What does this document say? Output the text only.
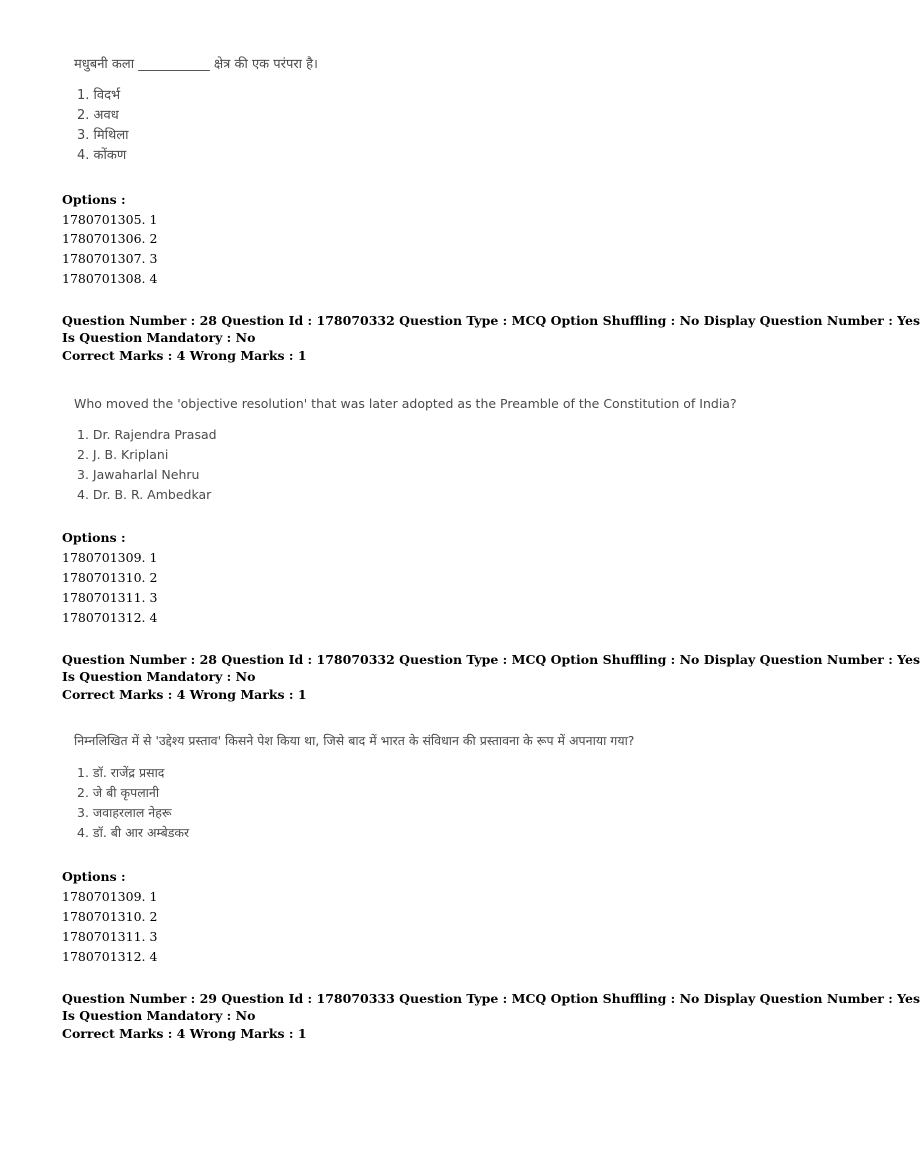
मधुबनी कला ___________ क्षेत्र की एक परंपरा है।
1. विदर्भ
2. अवध
3. मिथिला
4. कोंकण
Options :
1780701305. 1
1780701306. 2
1780701307. 3
1780701308. 4
Question Number : 28 Question Id : 178070332 Question Type : MCQ Option Shuffling : No Display Question Number : Yes
Is Question Mandatory : No
Correct Marks : 4 Wrong Marks : 1
Who moved the 'objective resolution' that was later adopted as the Preamble of the Constitution of India?
1. Dr. Rajendra Prasad
2. J. B. Kriplani
3. Jawaharlal Nehru
4. Dr. B. R. Ambedkar
Options :
1780701309. 1
1780701310. 2
1780701311. 3
1780701312. 4
Question Number : 28 Question Id : 178070332 Question Type : MCQ Option Shuffling : No Display Question Number : Yes
Is Question Mandatory : No
Correct Marks : 4 Wrong Marks : 1
निम्नलिखित में से 'उद्देश्य प्रस्ताव' किसने पेश किया था, जिसे बाद में भारत के संविधान की प्रस्तावना के रूप में अपनाया गया?
1. डॉ. राजेंद्र प्रसाद
2. जे बी कृपलानी
3. जवाहरलाल नेहरू
4. डॉ. बी आर अम्बेडकर
Options :
1780701309. 1
1780701310. 2
1780701311. 3
1780701312. 4
Question Number : 29 Question Id : 178070333 Question Type : MCQ Option Shuffling : No Display Question Number : Yes
Is Question Mandatory : No
Correct Marks : 4 Wrong Marks : 1
